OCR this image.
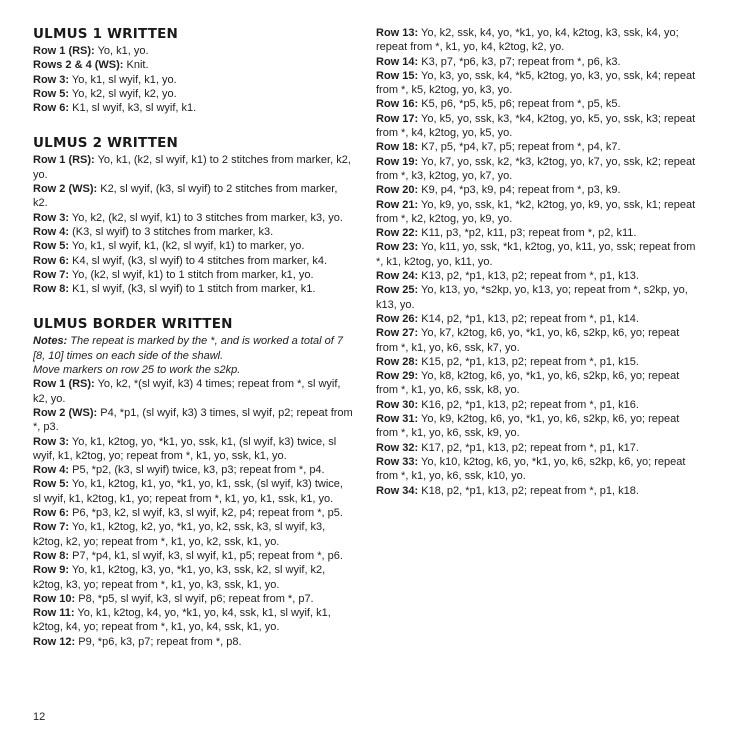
ULMUS 1 WRITTEN
Row 1 (RS): Yo, k1, yo.
Rows 2 & 4 (WS): Knit.
Row 3: Yo, k1, sl wyif, k1, yo.
Row 5: Yo, k2, sl wyif, k2, yo.
Row 6: K1, sl wyif, k3, sl wyif, k1.
ULMUS 2 WRITTEN
Row 1 (RS): Yo, k1, (k2, sl wyif, k1) to 2 stitches from marker, k2, yo.
Row 2 (WS): K2, sl wyif, (k3, sl wyif) to 2 stitches from marker, k2.
Row 3: Yo, k2, (k2, sl wyif, k1) to 3 stitches from marker, k3, yo.
Row 4: (K3, sl wyif) to 3 stitches from marker, k3.
Row 5: Yo, k1, sl wyif, k1, (k2, sl wyif, k1) to marker, yo.
Row 6: K4, sl wyif, (k3, sl wyif) to 4 stitches from marker, k4.
Row 7: Yo, (k2, sl wyif, k1) to 1 stitch from marker, k1, yo.
Row 8: K1, sl wyif, (k3, sl wyif) to 1 stitch from marker, k1.
ULMUS BORDER WRITTEN
Notes: The repeat is marked by the *, and is worked a total of 7 [8, 10] times on each side of the shawl.
Move markers on row 25 to work the s2kp.
Row 1 (RS): Yo, k2, *(sl wyif, k3) 4 times; repeat from *, sl wyif, k2, yo.
Row 2 (WS): P4, *p1, (sl wyif, k3) 3 times, sl wyif, p2; repeat from *, p3.
Row 3: Yo, k1, k2tog, yo, *k1, yo, ssk, k1, (sl wyif, k3) twice, sl wyif, k1, k2tog, yo; repeat from *, k1, yo, ssk, k1, yo.
Row 4: P5, *p2, (k3, sl wyif) twice, k3, p3; repeat from *, p4.
Row 5: Yo, k1, k2tog, k1, yo, *k1, yo, k1, ssk, (sl wyif, k3) twice, sl wyif, k1, k2tog, k1, yo; repeat from *, k1, yo, k1, ssk, k1, yo.
Row 6: P6, *p3, k2, sl wyif, k3, sl wyif, k2, p4; repeat from *, p5.
Row 7: Yo, k1, k2tog, k2, yo, *k1, yo, k2, ssk, k3, sl wyif, k3, k2tog, k2, yo; repeat from *, k1, yo, k2, ssk, k1, yo.
Row 8: P7, *p4, k1, sl wyif, k3, sl wyif, k1, p5; repeat from *, p6.
Row 9: Yo, k1, k2tog, k3, yo, *k1, yo, k3, ssk, k2, sl wyif, k2, k2tog, k3, yo; repeat from *, k1, yo, k3, ssk, k1, yo.
Row 10: P8, *p5, sl wyif, k3, sl wyif, p6; repeat from *, p7.
Row 11: Yo, k1, k2tog, k4, yo, *k1, yo, k4, ssk, k1, sl wyif, k1, k2tog, k4, yo; repeat from *, k1, yo, k4, ssk, k1, yo.
Row 12: P9, *p6, k3, p7; repeat from *, p8.
Row 13: Yo, k2, ssk, k4, yo, *k1, yo, k4, k2tog, k3, ssk, k4, yo; repeat from *, k1, yo, k4, k2tog, k2, yo.
Row 14: K3, p7, *p6, k3, p7; repeat from *, p6, k3.
Row 15: Yo, k3, yo, ssk, k4, *k5, k2tog, yo, k3, yo, ssk, k4; repeat from *, k5, k2tog, yo, k3, yo.
Row 16: K5, p6, *p5, k5, p6; repeat from *, p5, k5.
Row 17: Yo, k5, yo, ssk, k3, *k4, k2tog, yo, k5, yo, ssk, k3; repeat from *, k4, k2tog, yo, k5, yo.
Row 18: K7, p5, *p4, k7, p5; repeat from *, p4, k7.
Row 19: Yo, k7, yo, ssk, k2, *k3, k2tog, yo, k7, yo, ssk, k2; repeat from *, k3, k2tog, yo, k7, yo.
Row 20: K9, p4, *p3, k9, p4; repeat from *, p3, k9.
Row 21: Yo, k9, yo, ssk, k1, *k2, k2tog, yo, k9, yo, ssk, k1; repeat from *, k2, k2tog, yo, k9, yo.
Row 22: K11, p3, *p2, k11, p3; repeat from *, p2, k11.
Row 23: Yo, k11, yo, ssk, *k1, k2tog, yo, k11, yo, ssk; repeat from *, k1, k2tog, yo, k11, yo.
Row 24: K13, p2, *p1, k13, p2; repeat from *, p1, k13.
Row 25: Yo, k13, yo, *s2kp, yo, k13, yo; repeat from *, s2kp, yo, k13, yo.
Row 26: K14, p2, *p1, k13, p2; repeat from *, p1, k14.
Row 27: Yo, k7, k2tog, k6, yo, *k1, yo, k6, s2kp, k6, yo; repeat from *, k1, yo, k6, ssk, k7, yo.
Row 28: K15, p2, *p1, k13, p2; repeat from *, p1, k15.
Row 29: Yo, k8, k2tog, k6, yo, *k1, yo, k6, s2kp, k6, yo; repeat from *, k1, yo, k6, ssk, k8, yo.
Row 30: K16, p2, *p1, k13, p2; repeat from *, p1, k16.
Row 31: Yo, k9, k2tog, k6, yo, *k1, yo, k6, s2kp, k6, yo; repeat from *, k1, yo, k6, ssk, k9, yo.
Row 32: K17, p2, *p1, k13, p2; repeat from *, p1, k17.
Row 33: Yo, k10, k2tog, k6, yo, *k1, yo, k6, s2kp, k6, yo; repeat from *, k1, yo, k6, ssk, k10, yo.
Row 34: K18, p2, *p1, k13, p2; repeat from *, p1, k18.
12
